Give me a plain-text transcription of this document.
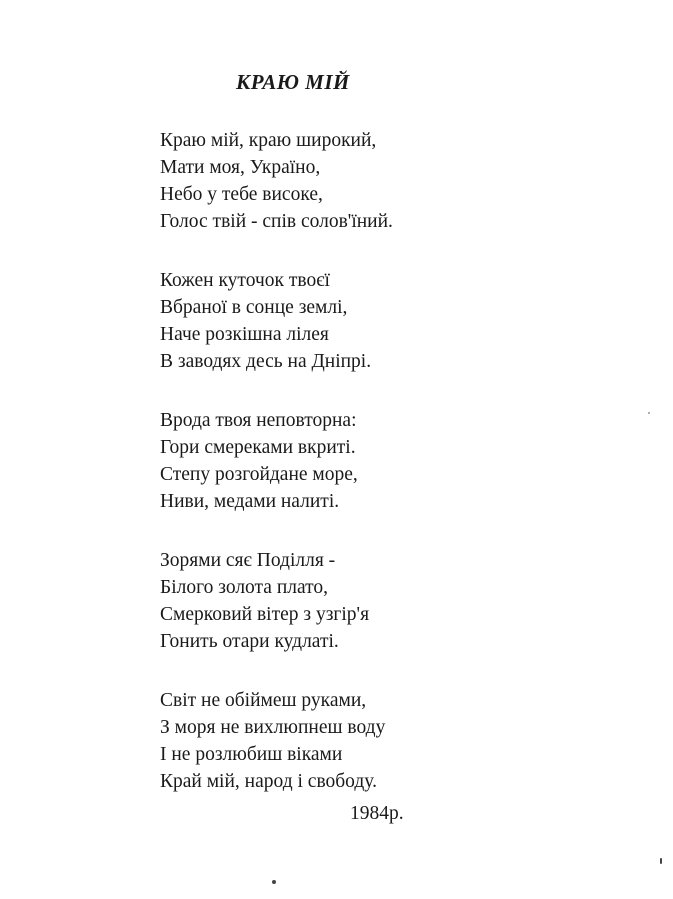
КРАЮ МІЙ
Краю мій, краю широкий,
Мати моя, Україно,
Небо у тебе високе,
Голос твій - спів солов'їний.
Кожен куточок твоєї
Вбраної в сонце землі,
Наче розкішна лілея
В заводях десь на Дніпрі.
Врода твоя неповторна:
Гори смереками вкриті.
Степу розгойдане море,
Ниви, медами налиті.
Зорями сяє Поділля -
Білого золота плато,
Смерковий вітер з узгір'я
Гонить отари кудлаті.
Світ не обіймеш руками,
З моря не вихлюпнеш воду
І не розлюбиш віками
Край мій, народ і свободу.
1984р.
